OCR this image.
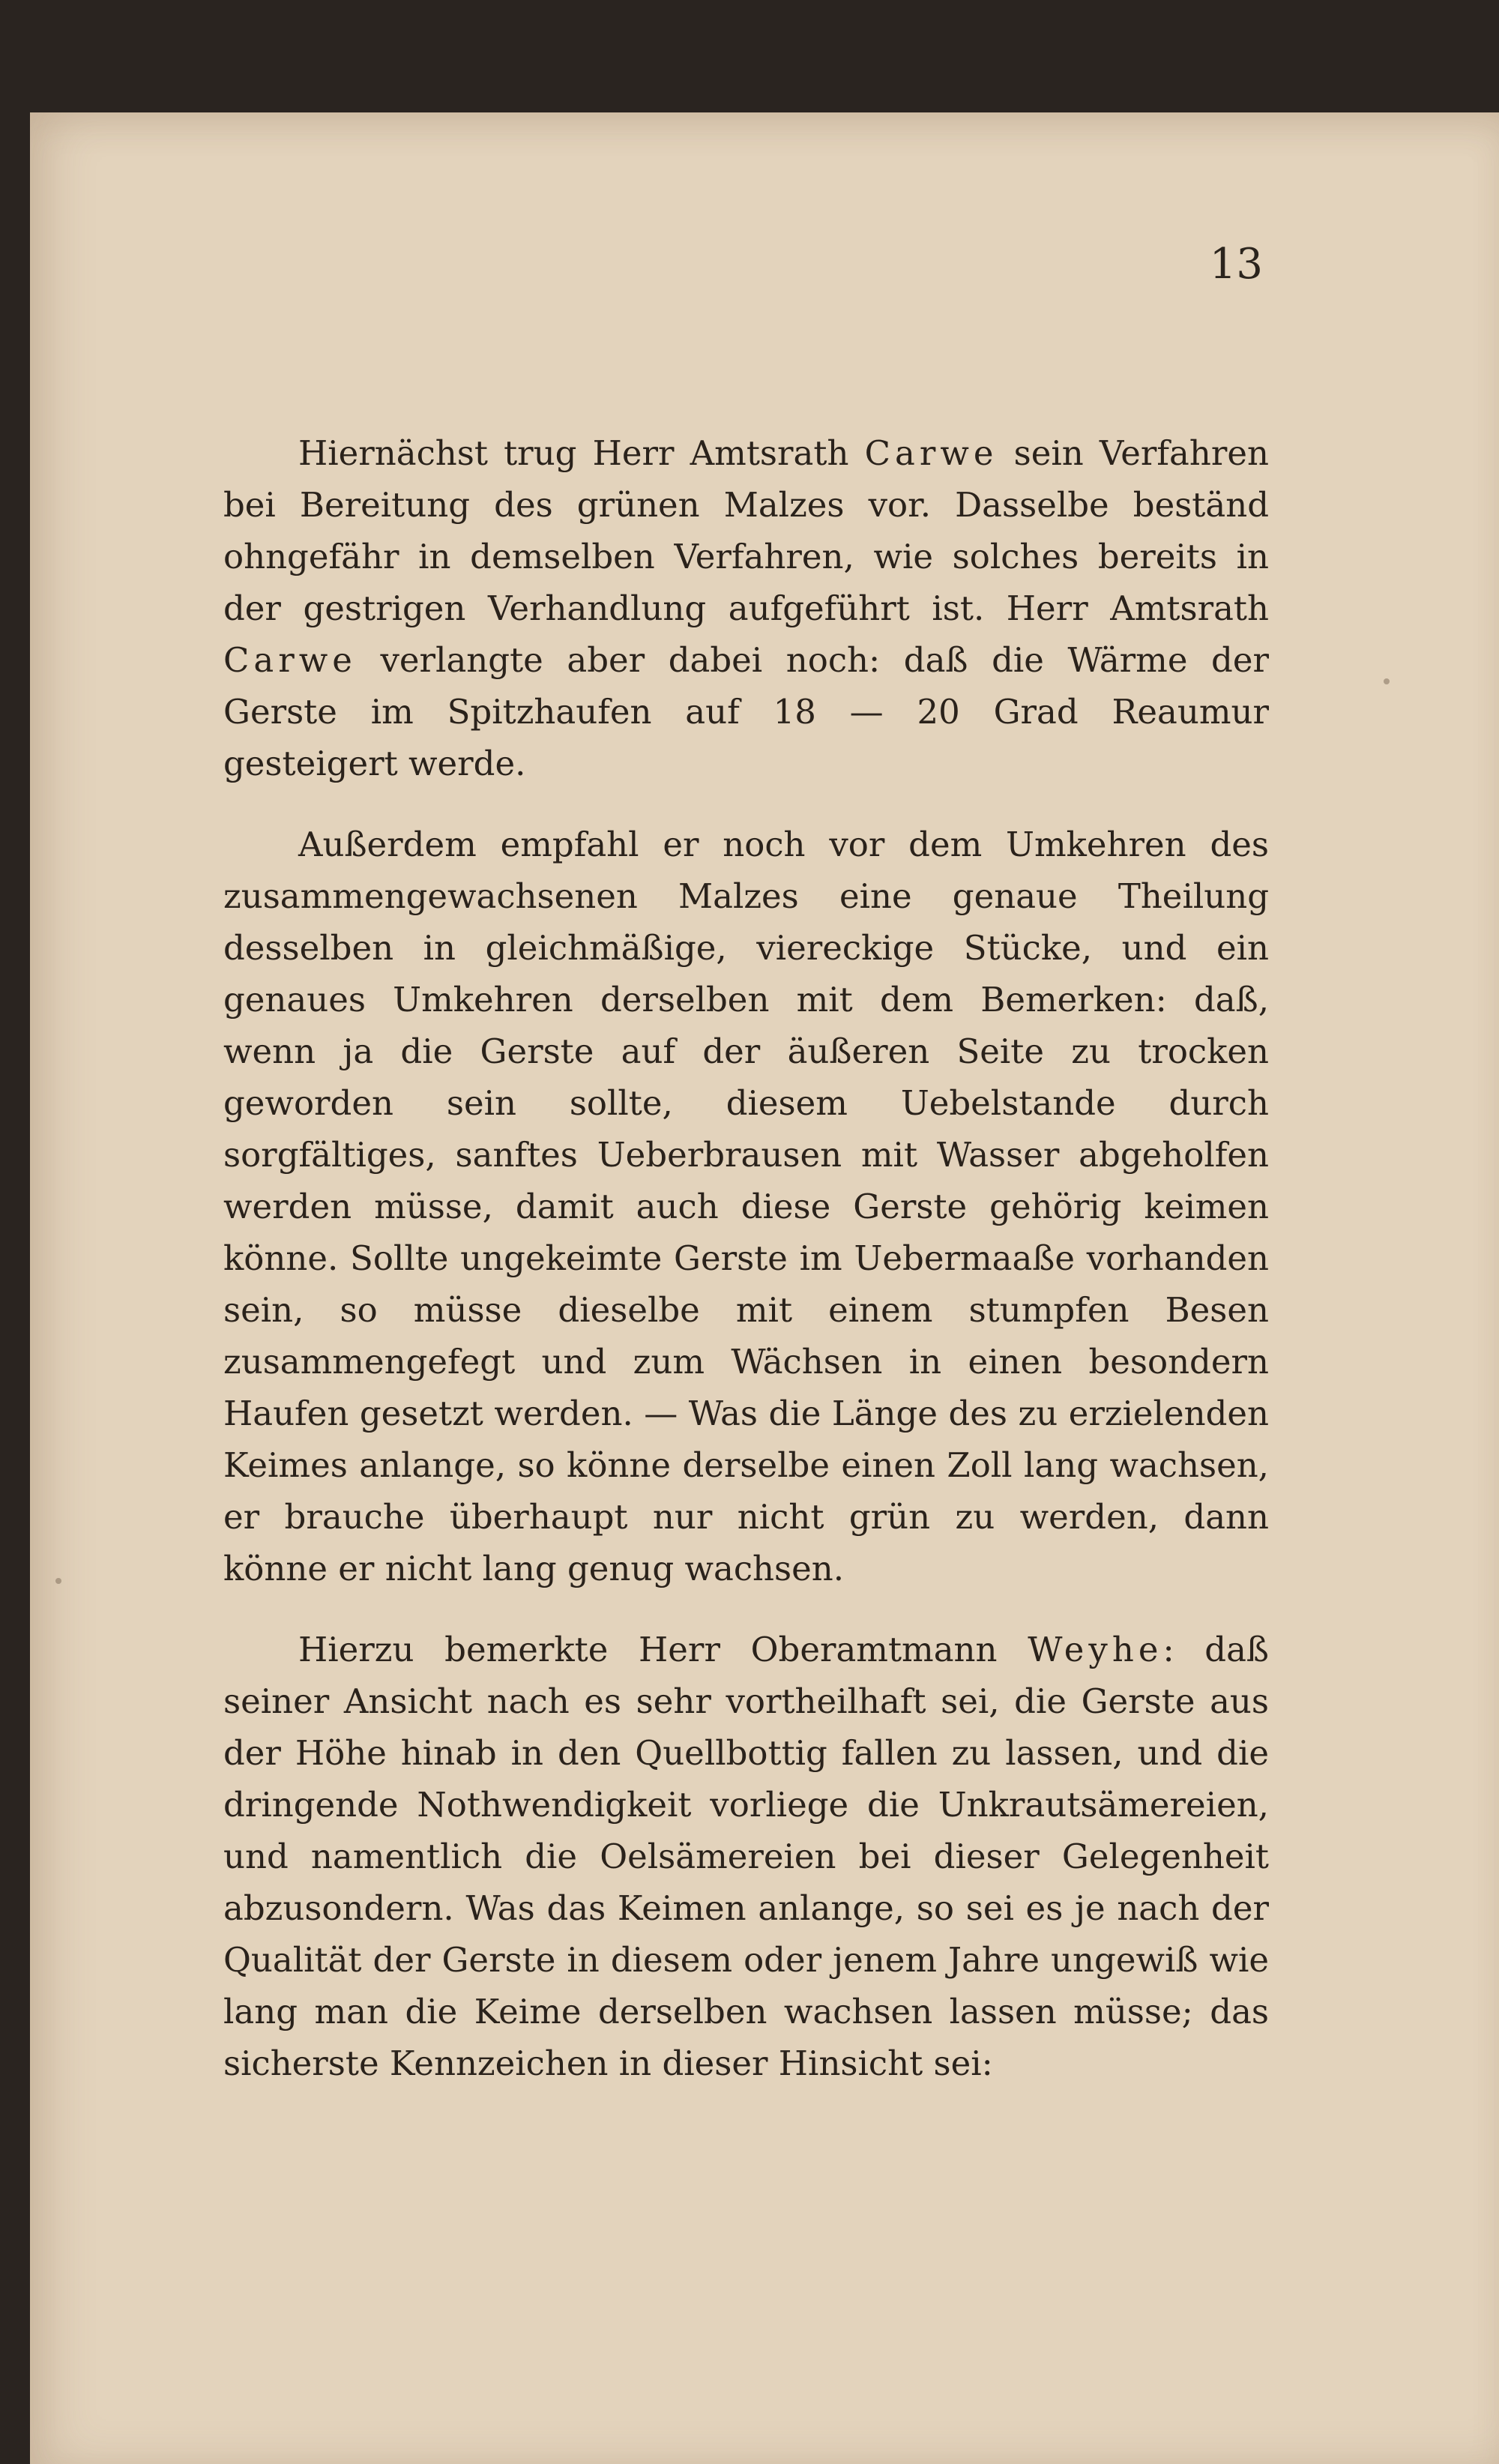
13

Hiernächst trug Herr Amtsrath Carwe sein Verfahren bei Bereitung des grünen Malzes vor. Dasselbe beständ ohngefähr in demselben Verfahren, wie solches bereits in der gestrigen Verhandlung aufgeführt ist. Herr Amtsrath Carwe verlangte aber dabei noch: daß die Wärme der Gerste im Spitzhaufen auf 18 — 20 Grad Reaumur gesteigert werde.

Außerdem empfahl er noch vor dem Umkehren des zusammengewachsenen Malzes eine genaue Theilung desselben in gleichmäßige, viereckige Stücke, und ein genaues Umkehren derselben mit dem Bemerken: daß, wenn ja die Gerste auf der äußeren Seite zu trocken geworden sein sollte, diesem Uebelstande durch sorgfältiges, sanftes Ueberbrausen mit Wasser abgeholfen werden müsse, damit auch diese Gerste gehörig keimen könne. Sollte ungekeimte Gerste im Uebermaaße vorhanden sein, so müsse dieselbe mit einem stumpfen Besen zusammengefegt und zum Wächsen in einen besondern Haufen gesetzt werden. — Was die Länge des zu erzielenden Keimes anlange, so könne derselbe einen Zoll lang wachsen, er brauche überhaupt nur nicht grün zu werden, dann könne er nicht lang genug wachsen.

Hierzu bemerkte Herr Oberamtmann Weyhe: daß seiner Ansicht nach es sehr vortheilhaft sei, die Gerste aus der Höhe hinab in den Quellbottig fallen zu lassen, und die dringende Nothwendigkeit vorliege die Unkrautsämereien, und namentlich die Oelsämereien bei dieser Gelegenheit abzusondern. Was das Keimen anlange, so sei es je nach der Qualität der Gerste in diesem oder jenem Jahre ungewiß wie lang man die Keime derselben wachsen lassen müsse; das sicherste Kennzeichen in dieser Hinsicht sei:
